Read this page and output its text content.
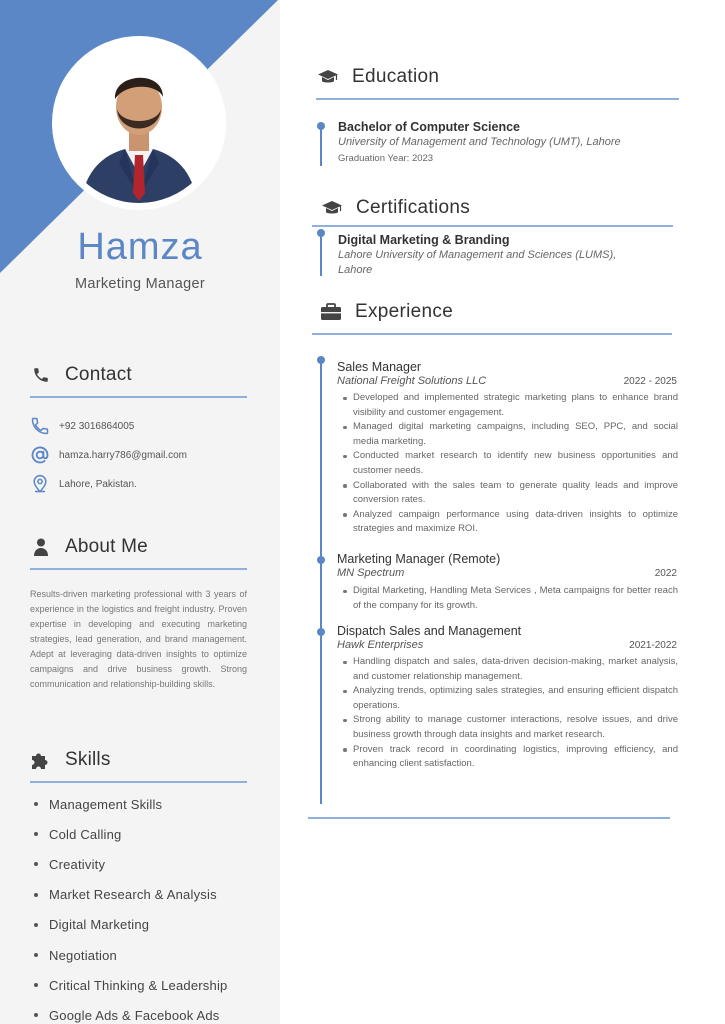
Hamza
Marketing Manager
Contact
+92 3016864005
hamza.harry786@gmail.com
Lahore, Pakistan.
About Me

Results-driven marketing professional with 3 years of experience in the logistics and freight industry. Proven expertise in developing and executing marketing strategies, lead generation, and brand management. Adept at leveraging data-driven insights to optimize campaigns and drive business growth. Strong communication and relationship-building skills.

Skills
Management Skills
Cold Calling
Creativity
Market Research & Analysis
Digital Marketing
Negotiation
Critical Thinking & Leadership
Google Ads & Facebook Ads
Education
Bachelor of Computer Science
University of Management and Technology (UMT), Lahore
Graduation Year: 2023
Certifications
Digital Marketing & Branding
Lahore University of Management and Sciences (LUMS),
Lahore
Experience
Sales Manager
National Freight Solutions LLC	2022 - 2025
Developed and implemented strategic marketing plans to enhance brand visibility and customer engagement.
Managed digital marketing campaigns, including SEO, PPC, and social media marketing.
Conducted market research to identify new business opportunities and customer needs.
Collaborated with the sales team to generate quality leads and improve conversion rates.
Analyzed campaign performance using data-driven insights to optimize strategies and maximize ROI.
Marketing Manager (Remote)
MN Spectrum	2022
Digital Marketing, Handling Meta Services , Meta campaigns for better reach of the company for its growth.
Dispatch Sales and Management
Hawk Enterprises	2021-2022
Handling dispatch and sales, data-driven decision-making, market analysis, and customer relationship management.
Analyzing trends, optimizing sales strategies, and ensuring efficient dispatch operations.
Strong ability to manage customer interactions, resolve issues, and drive business growth through data insights and market research.
Proven track record in coordinating logistics, improving efficiency, and enhancing client satisfaction.
